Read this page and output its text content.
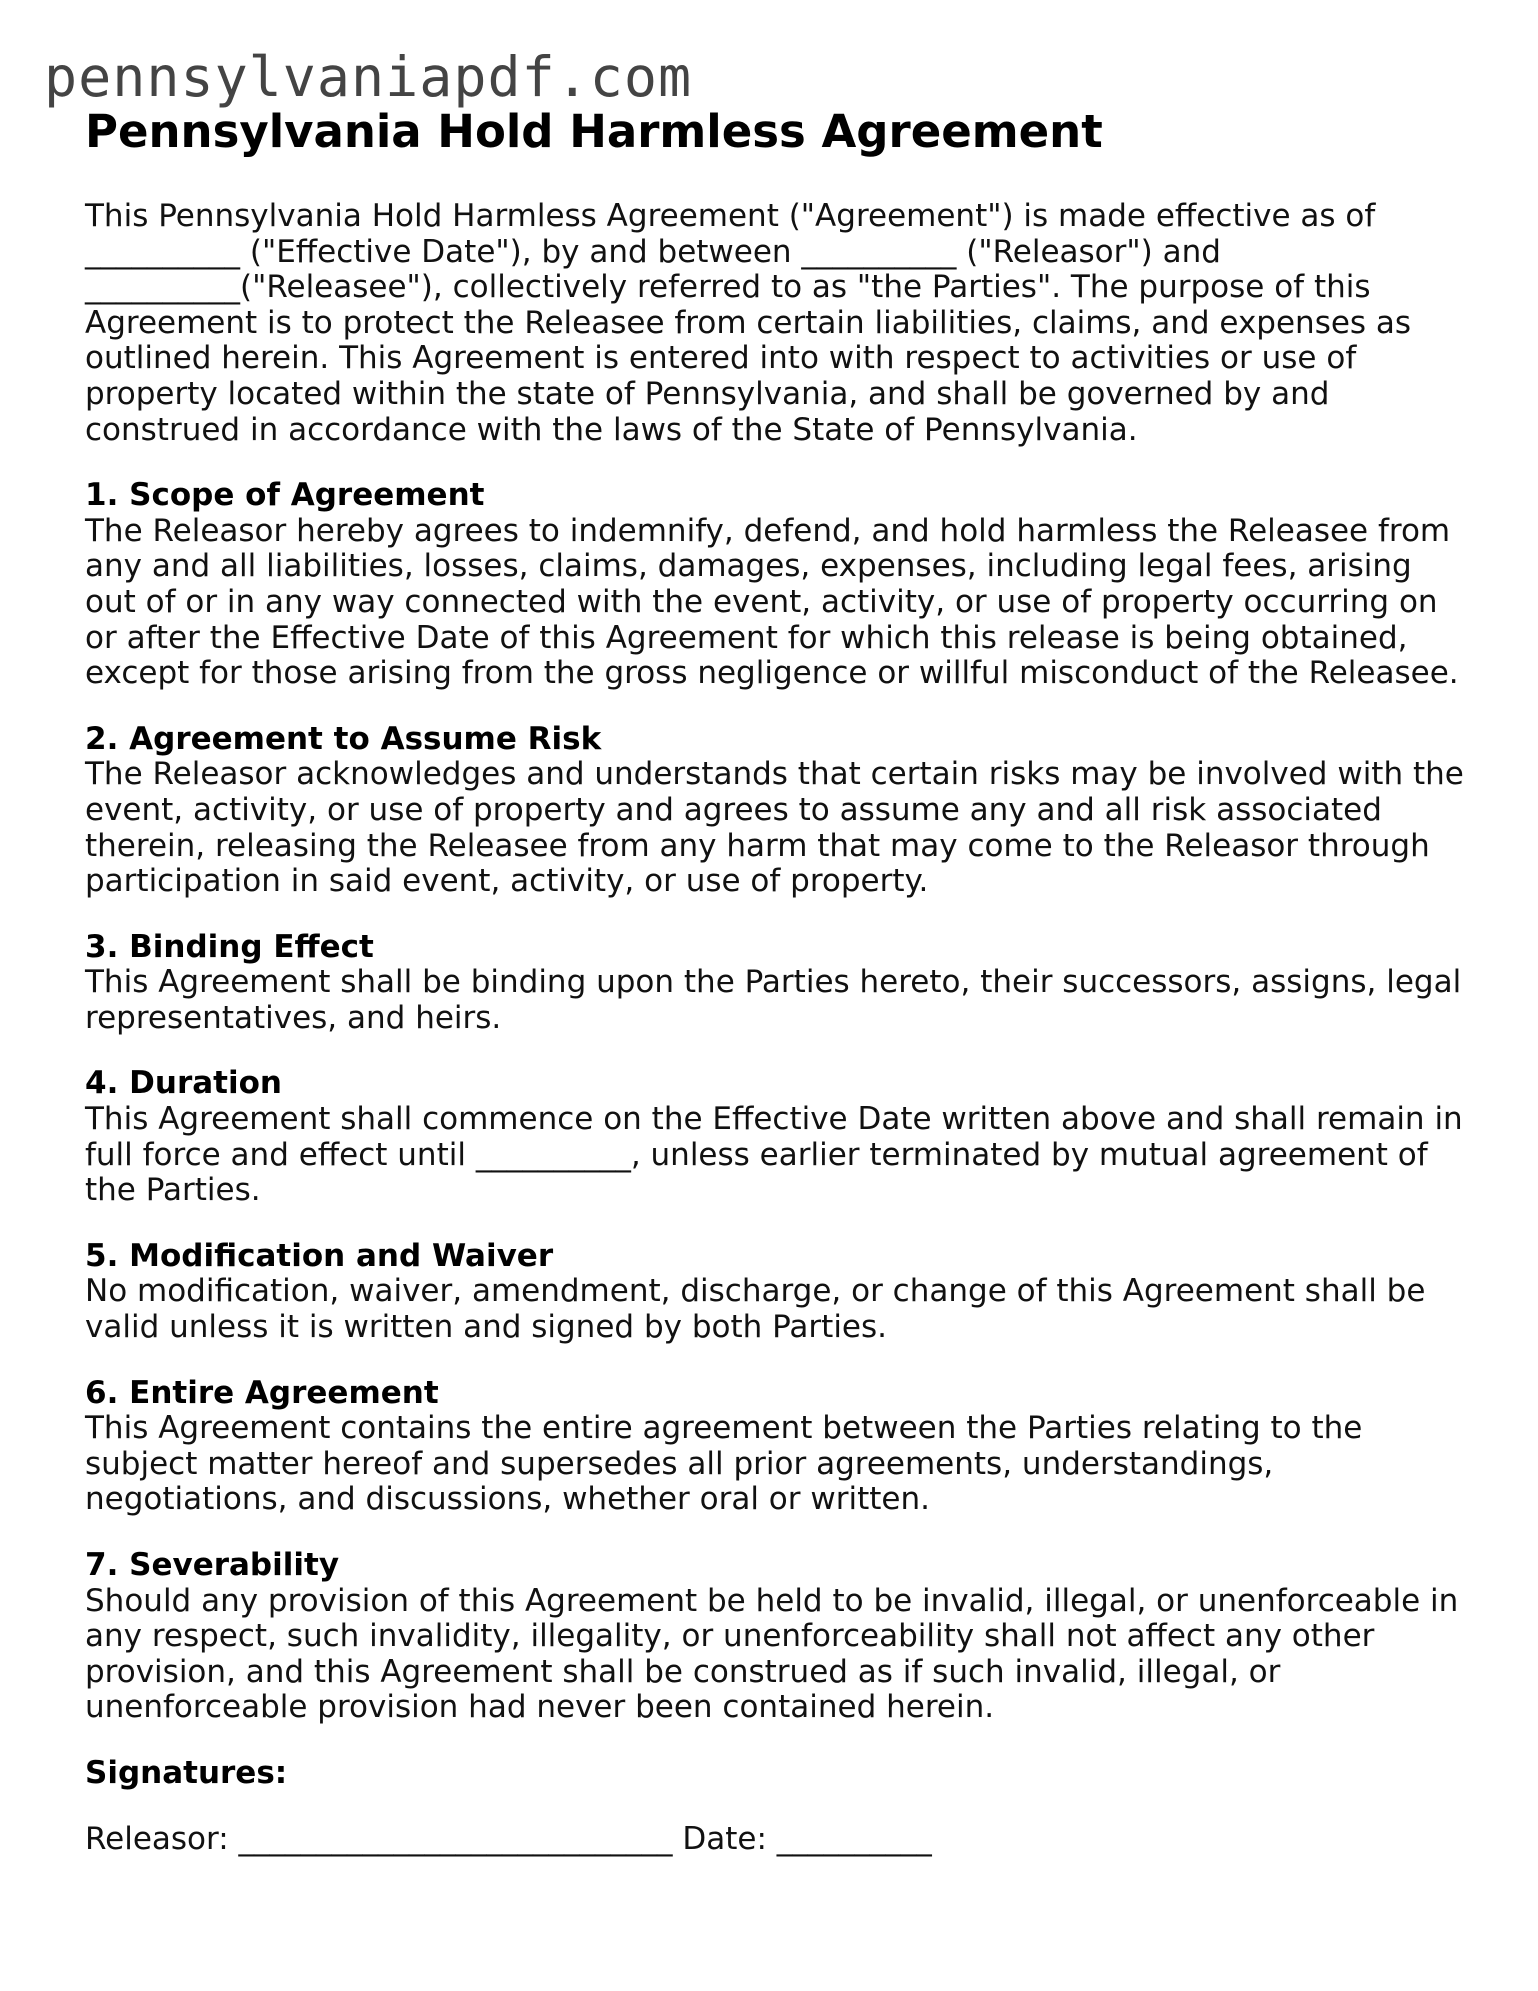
pennsylvaniapdf.com
Pennsylvania Hold Harmless Agreement

This Pennsylvania Hold Harmless Agreement ("Agreement") is made effective as of __________ ("Effective Date"), by and between __________ ("Releasor") and __________("Releasee"), collectively referred to as "the Parties". The purpose of this Agreement is to protect the Releasee from certain liabilities, claims, and expenses as outlined herein. This Agreement is entered into with respect to activities or use of property located within the state of Pennsylvania, and shall be governed by and construed in accordance with the laws of the State of Pennsylvania.

1. Scope of Agreement

The Releasor hereby agrees to indemnify, defend, and hold harmless the Releasee from any and all liabilities, losses, claims, damages, expenses, including legal fees, arising out of or in any way connected with the event, activity, or use of property occurring on or after the Effective Date of this Agreement for which this release is being obtained, except for those arising from the gross negligence or willful misconduct of the Releasee.

2. Agreement to Assume Risk

The Releasor acknowledges and understands that certain risks may be involved with the event, activity, or use of property and agrees to assume any and all risk associated therein, releasing the Releasee from any harm that may come to the Releasor through participation in said event, activity, or use of property.

3. Binding Effect

This Agreement shall be binding upon the Parties hereto, their successors, assigns, legal representatives, and heirs.

4. Duration

This Agreement shall commence on the Effective Date written above and shall remain in full force and effect until __________, unless earlier terminated by mutual agreement of the Parties.

5. Modification and Waiver

No modification, waiver, amendment, discharge, or change of this Agreement shall be valid unless it is written and signed by both Parties.

6. Entire Agreement

This Agreement contains the entire agreement between the Parties relating to the subject matter hereof and supersedes all prior agreements, understandings, negotiations, and discussions, whether oral or written.

7. Severability

Should any provision of this Agreement be held to be invalid, illegal, or unenforceable in any respect, such invalidity, illegality, or unenforceability shall not affect any other provision, and this Agreement shall be construed as if such invalid, illegal, or unenforceable provision had never been contained herein.

Signatures:
Releasor: ____________________________ Date: __________
